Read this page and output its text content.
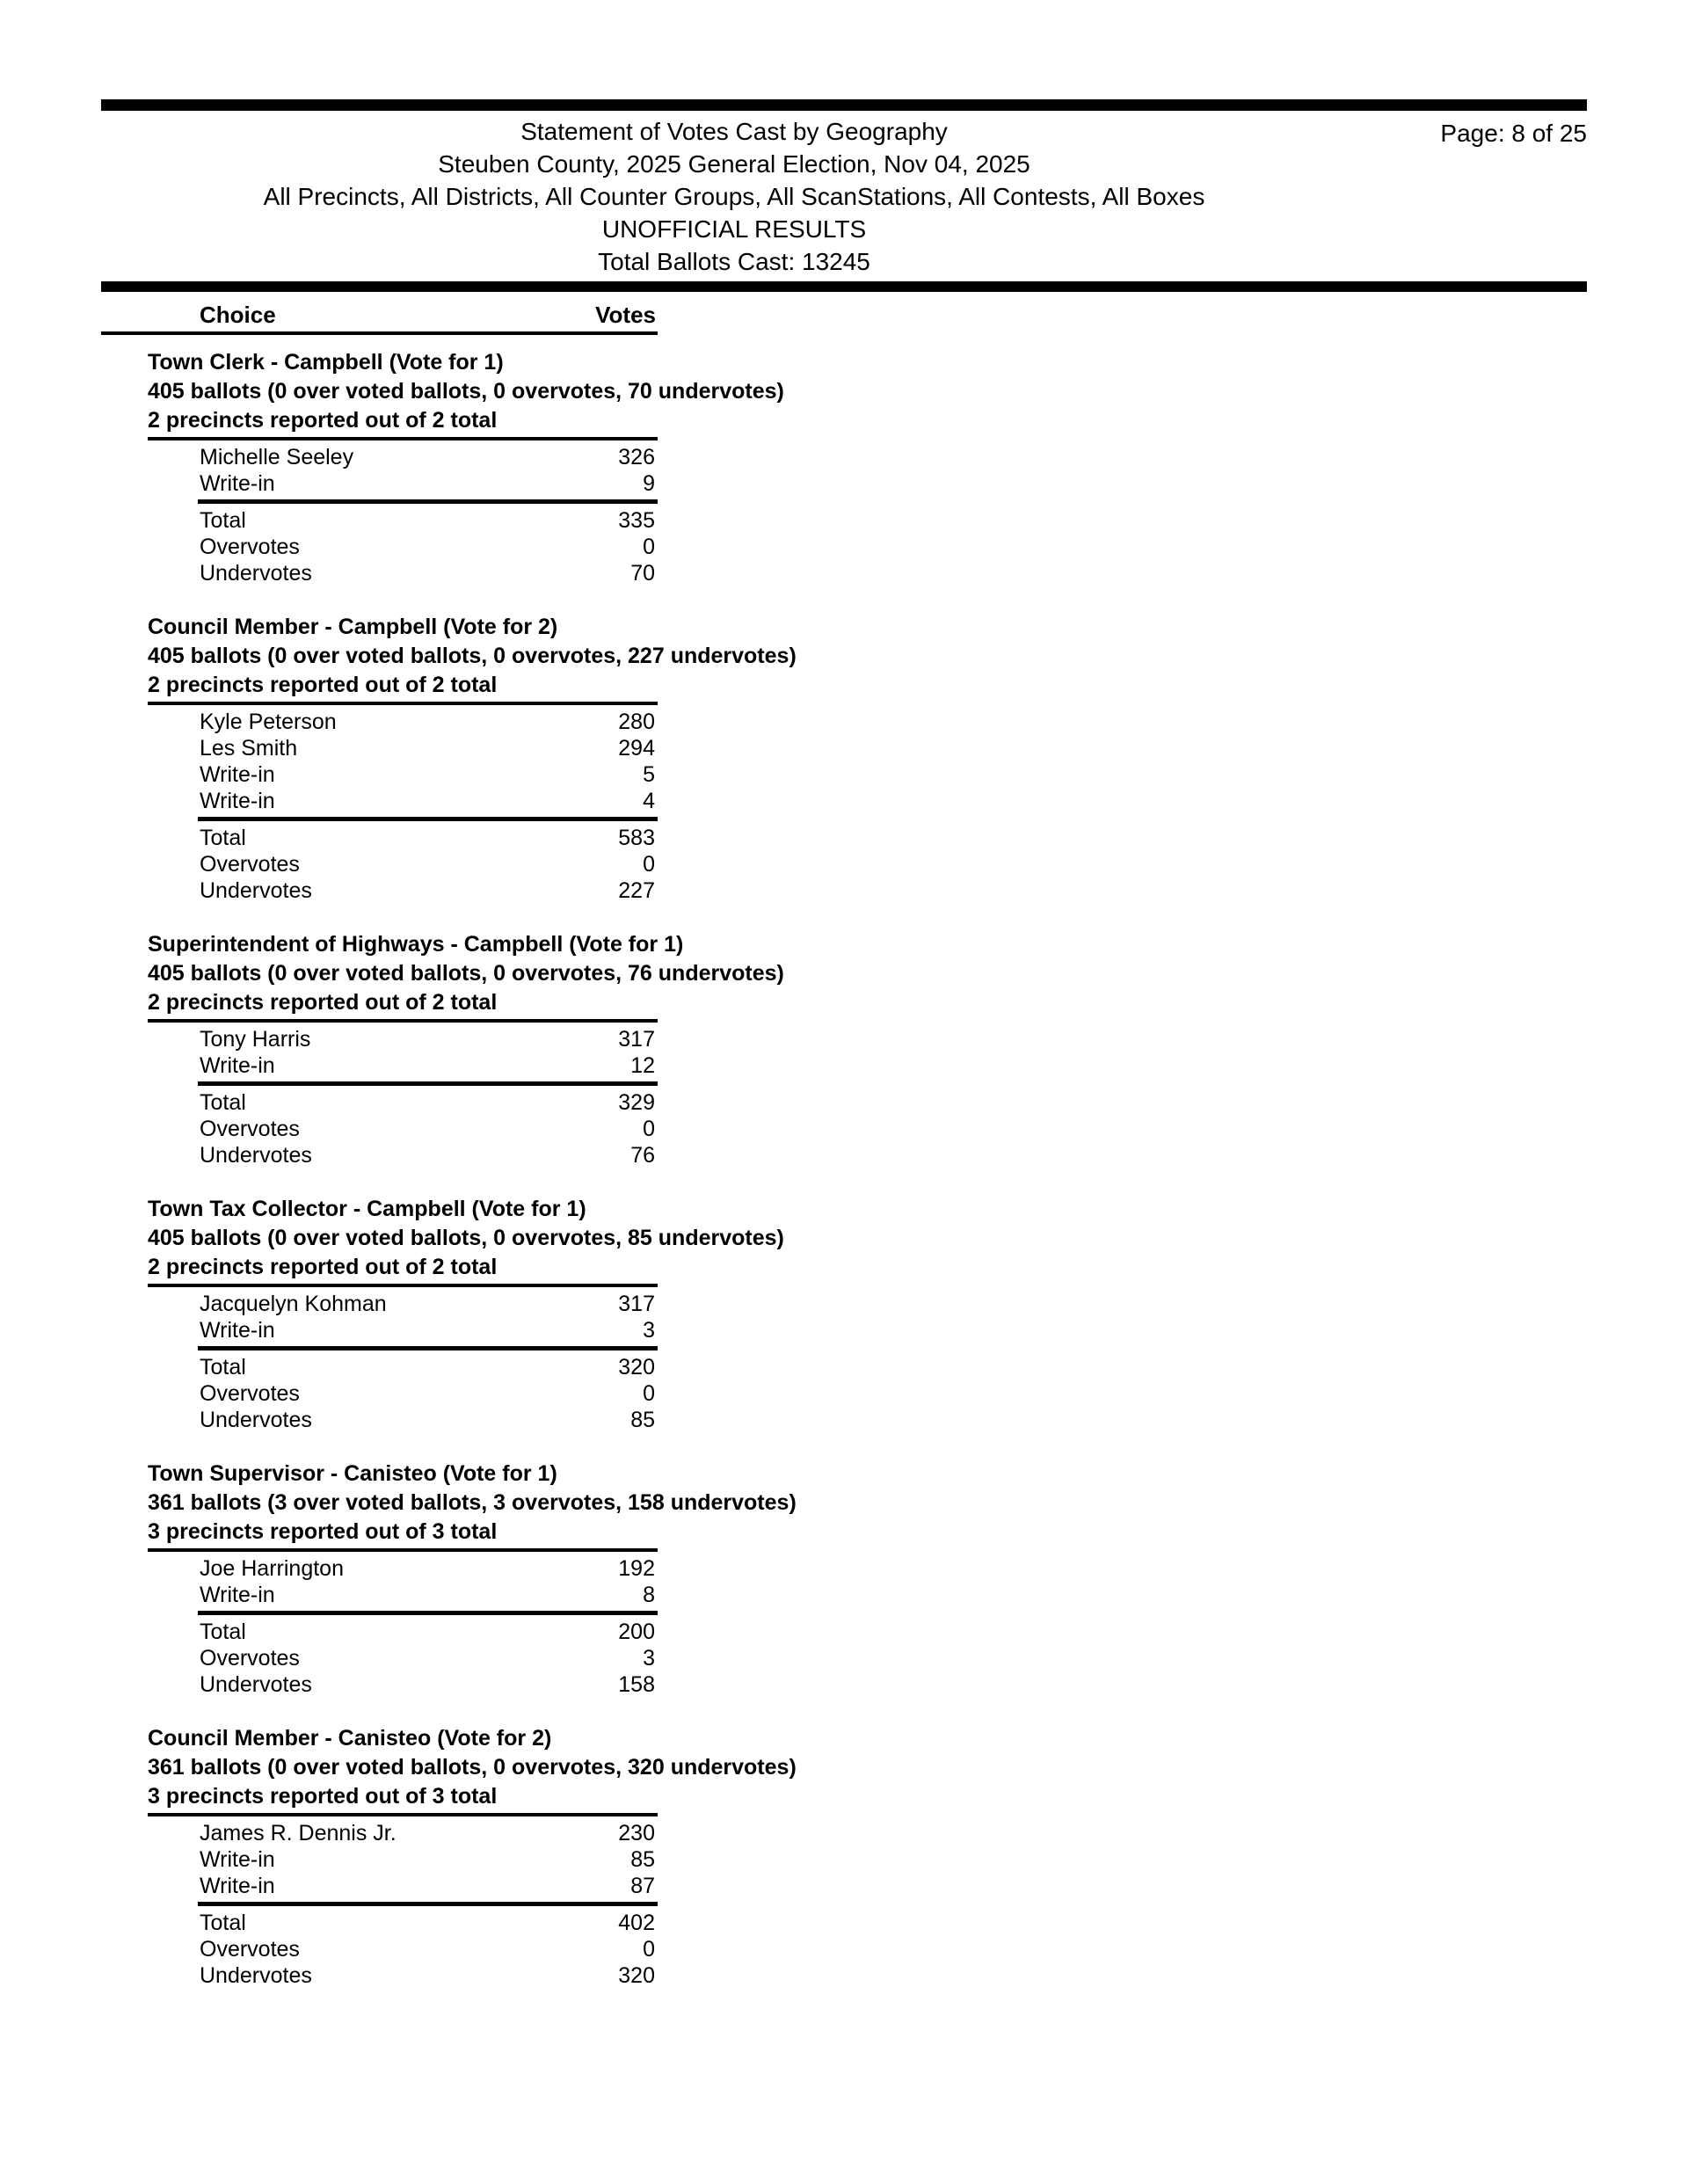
Statement of Votes Cast by Geography
Steuben County, 2025 General Election, Nov 04, 2025
All Precincts, All Districts, All Counter Groups, All ScanStations, All Contests, All Boxes
UNOFFICIAL RESULTS
Total Ballots Cast: 13245
Page: 8 of 25
Choice	Votes
Town Clerk - Campbell (Vote for 1)
405 ballots (0 over voted ballots, 0 overvotes, 70 undervotes)
2 precincts reported out of 2 total
Michelle Seeley	326
Write-in	9
Total	335
Overvotes	0
Undervotes	70
Council Member - Campbell (Vote for 2)
405 ballots (0 over voted ballots, 0 overvotes, 227 undervotes)
2 precincts reported out of 2 total
Kyle Peterson	280
Les Smith	294
Write-in	5
Write-in	4
Total	583
Overvotes	0
Undervotes	227
Superintendent of Highways - Campbell (Vote for 1)
405 ballots (0 over voted ballots, 0 overvotes, 76 undervotes)
2 precincts reported out of 2 total
Tony Harris	317
Write-in	12
Total	329
Overvotes	0
Undervotes	76
Town Tax Collector - Campbell (Vote for 1)
405 ballots (0 over voted ballots, 0 overvotes, 85 undervotes)
2 precincts reported out of 2 total
Jacquelyn Kohman	317
Write-in	3
Total	320
Overvotes	0
Undervotes	85
Town Supervisor - Canisteo (Vote for 1)
361 ballots (3 over voted ballots, 3 overvotes, 158 undervotes)
3 precincts reported out of 3 total
Joe Harrington	192
Write-in	8
Total	200
Overvotes	3
Undervotes	158
Council Member - Canisteo (Vote for 2)
361 ballots (0 over voted ballots, 0 overvotes, 320 undervotes)
3 precincts reported out of 3 total
James R. Dennis Jr.	230
Write-in	85
Write-in	87
Total	402
Overvotes	0
Undervotes	320
